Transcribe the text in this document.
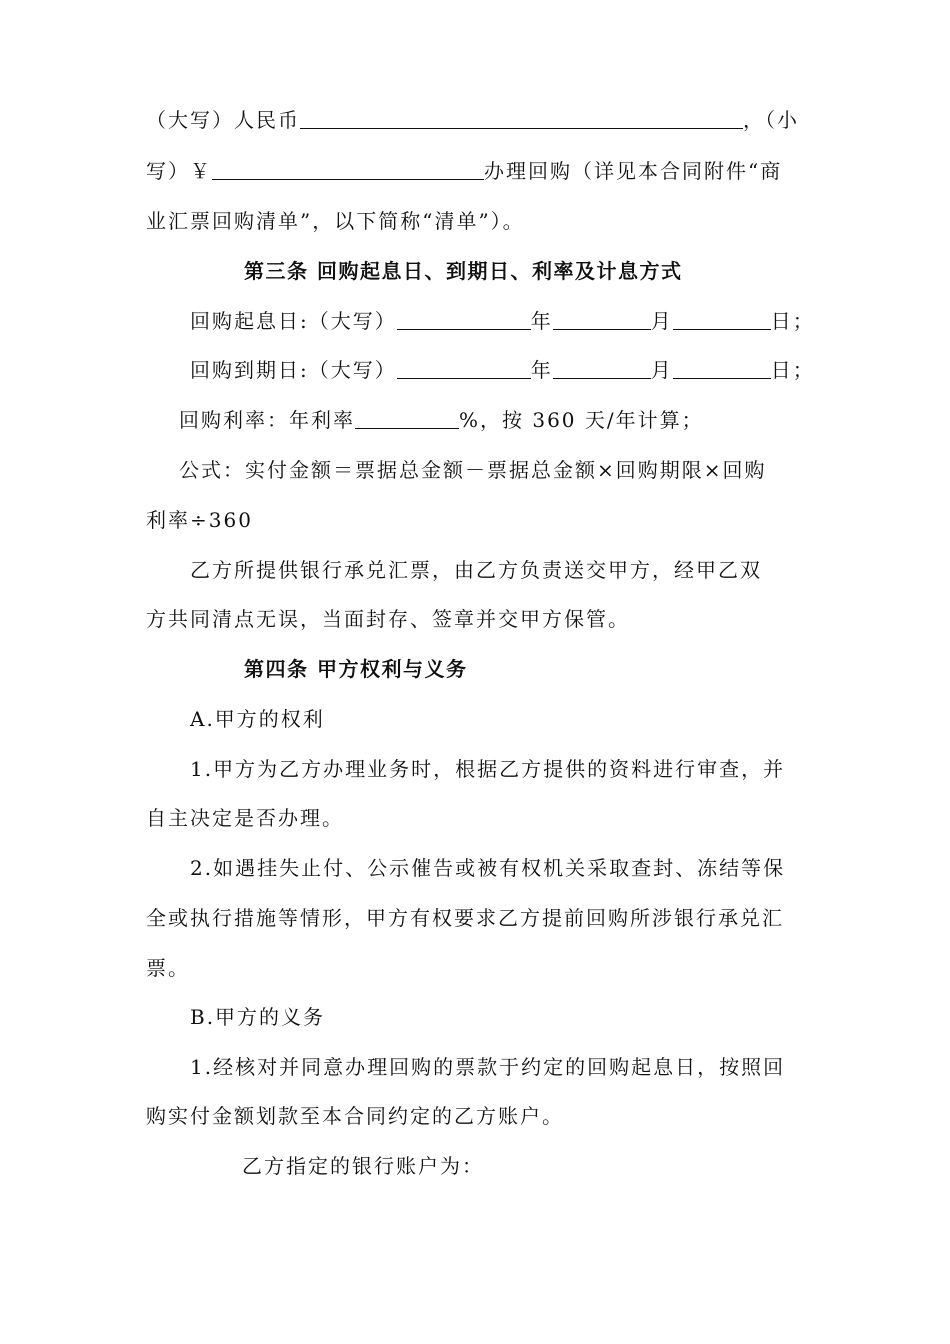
（大写）人民币	，（小
写）￥	办理回购（详见本合同附件“商
业汇票回购清单”，以下简称“清单”）。
第三条 回购起息日、到期日、利率及计息方式
回购起息日:（大写）	年	月	日；
回购到期日:（大写）	年	月	日；
回购利率：年利率	%，按 360 天/年计算；
公式：实付金额＝票据总金额－票据总金额×回购期限×回购
利率÷360
乙方所提供银行承兑汇票，由乙方负责送交甲方，经甲乙双
方共同清点无误，当面封存、签章并交甲方保管。
第四条 甲方权利与义务
A.甲方的权利
1.甲方为乙方办理业务时，根据乙方提供的资料进行审查，并
自主决定是否办理。
2.如遇挂失止付、公示催告或被有权机关采取查封、冻结等保
全或执行措施等情形，甲方有权要求乙方提前回购所涉银行承兑汇
票。
B.甲方的义务
1.经核对并同意办理回购的票款于约定的回购起息日，按照回
购实付金额划款至本合同约定的乙方账户。
乙方指定的银行账户为：
